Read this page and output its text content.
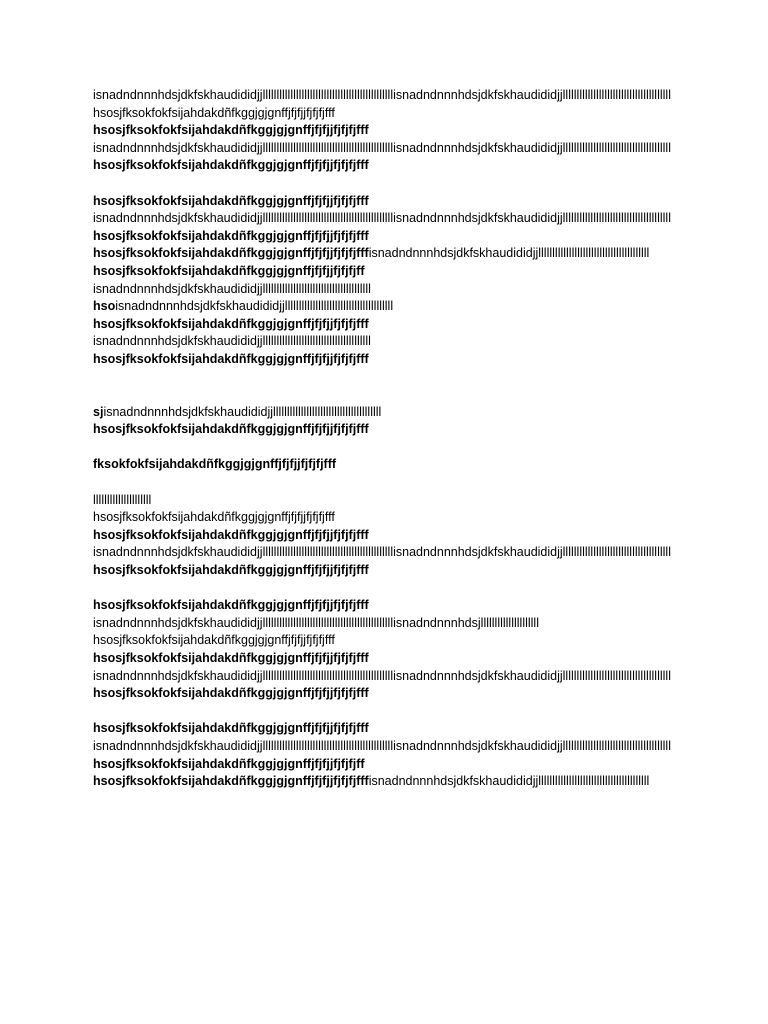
isnadndnnnhdsjdkfskhaudididjjlllllllllllllllllllllllllllllllllllllllllllllllisnadndnnnhdsjdkfskhaudididjjlllllllllllllllllllllllllllllllllllllll
hsosjfksokfokfsijahdakdñfkggjgjgnffjfjfjjfjfjfjfff
hsosjfksokfokfsijahdakdñfkggjgjgnffjfjfjjfjfjfjfff
isnadndnnnhdsjdkfskhaudididjjlllllllllllllllllllllllllllllllllllllllllllllllisnadndnnnhdsjdkfskhaudididjjlllllllllllllllllllllllllllllllllllllll
hsosjfksokfokfsijahdakdñfkggjgjgnffjfjfjjfjfjfjfff
hsosjfksokfokfsijahdakdñfkggjgjgnffjfjfjjfjfjfjfff
isnadndnnnhdsjdkfskhaudididjjlllllllllllllllllllllllllllllllllllllllllllllllisnadndnnnhdsjdkfskhaudididjjlllllllllllllllllllllllllllllllllllllll
hsosjfksokfokfsijahdakdñfkggjgjgnffjfjfjjfjfjfjfff
hsosjfksokfokfsijahdakdñfkggjgjgnffjfjfjjfjfjfjfffisnadndnnnhdsjdkfskhaudididjjllllllllllllllllllllllllllllllllllllllll
hsosjfksokfokfsijahdakdñfkggjgjgnffjfjfjjfjfjfjff
isnadndnnnhdsjdkfskhaudididjjlllllllllllllllllllllllllllllllllllllll
hsoisnadndnnnhdsjdkfskhaudididjjlllllllllllllllllllllllllllllllllllllll
hsosjfksokfokfsijahdakdñfkggjgjgnffjfjfjjfjfjfjfff
isnadndnnnhdsjdkfskhaudididjjlllllllllllllllllllllllllllllllllllllll
hsosjfksokfokfsijahdakdñfkggjgjgnffjfjfjjfjfjfjfff
sjisnadndnnnhdsjdkfskhaudididjjlllllllllllllllllllllllllllllllllllllll
hsosjfksokfokfsijahdakdñfkggjgjgnffjfjfjjfjfjfjfff
fksokfokfsijahdakdñfkggjgjgnffjfjfjjfjfjfjfff
lllllllllllllllllllll
hsosjfksokfokfsijahdakdñfkggjgjgnffjfjfjjfjfjfjfff
hsosjfksokfokfsijahdakdñfkggjgjgnffjfjfjjfjfjfjfff
isnadndnnnhdsjdkfskhaudididjjlllllllllllllllllllllllllllllllllllllllllllllllisnadndnnnhdsjdkfskhaudididjjlllllllllllllllllllllllllllllllllllllll
hsosjfksokfokfsijahdakdñfkggjgjgnffjfjfjjfjfjfjfff
hsosjfksokfokfsijahdakdñfkggjgjgnffjfjfjjfjfjfjfff
isnadndnnnhdsjdkfskhaudididjjlllllllllllllllllllllllllllllllllllllllllllllllisnadndnnnhdsjlllllllllllllllllllll
hsosjfksokfokfsijahdakdñfkggjgjgnffjfjfjjfjfjfjfff
hsosjfksokfokfsijahdakdñfkggjgjgnffjfjfjjfjfjfjfff
isnadndnnnhdsjdkfskhaudididjjlllllllllllllllllllllllllllllllllllllllllllllllisnadndnnnhdsjdkfskhaudididjjlllllllllllllllllllllllllllllllllllllll
hsosjfksokfokfsijahdakdñfkggjgjgnffjfjfjjfjfjfjfff
hsosjfksokfokfsijahdakdñfkggjgjgnffjfjfjjfjfjfjfff
isnadndnnnhdsjdkfskhaudididjjlllllllllllllllllllllllllllllllllllllllllllllllisnadndnnnhdsjdkfskhaudididjjlllllllllllllllllllllllllllllllllllllll
hsosjfksokfokfsijahdakdñfkggjgjgnffjfjfjjfjfjfjff
hsosjfksokfokfsijahdakdñfkggjgjgnffjfjfjjfjfjfjfffisnadndnnnhdsjdkfskhaudididjjllllllllllllllllllllllllllllllllllllllll
